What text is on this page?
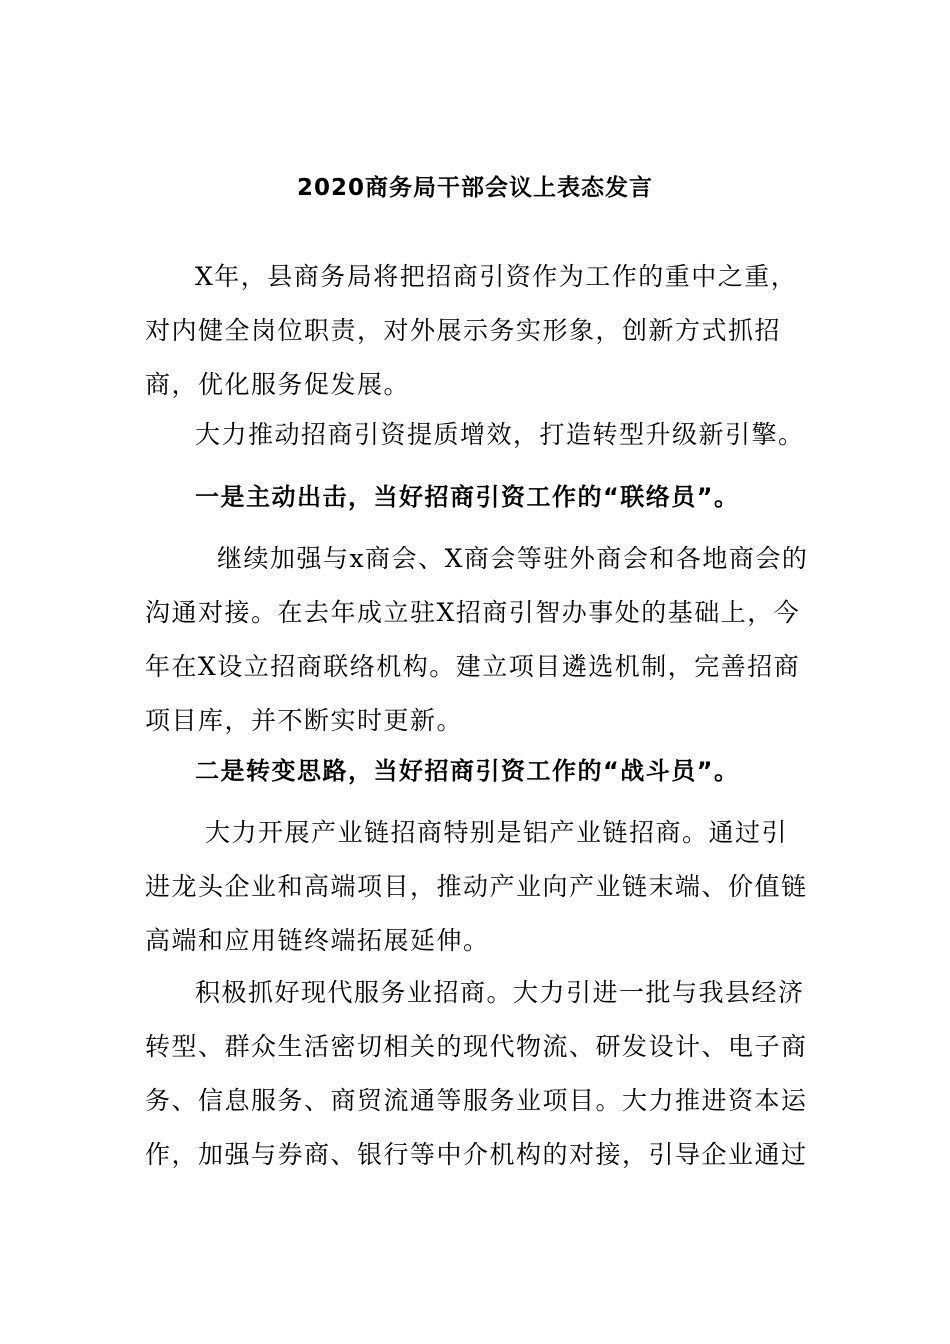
2020商务局干部会议上表态发言

X年，县商务局将把招商引资作为工作的重中之重，对内健全岗位职责，对外展示务实形象，创新方式抓招商，优化服务促发展。

大力推动招商引资提质增效，打造转型升级新引擎。

一是主动出击，当好招商引资工作的“联络员”。

继续加强与x商会、X商会等驻外商会和各地商会的沟通对接。在去年成立驻X招商引智办事处的基础上，今年在X设立招商联络机构。建立项目遴选机制，完善招商项目库，并不断实时更新。

二是转变思路，当好招商引资工作的“战斗员”。

大力开展产业链招商特别是铝产业链招商。通过引进龙头企业和高端项目，推动产业向产业链末端、价值链高端和应用链终端拓展延伸。

积极抓好现代服务业招商。大力引进一批与我县经济转型、群众生活密切相关的现代物流、研发设计、电子商务、信息服务、商贸流通等服务业项目。大力推进资本运作，加强与券商、银行等中介机构的对接，引导企业通过
